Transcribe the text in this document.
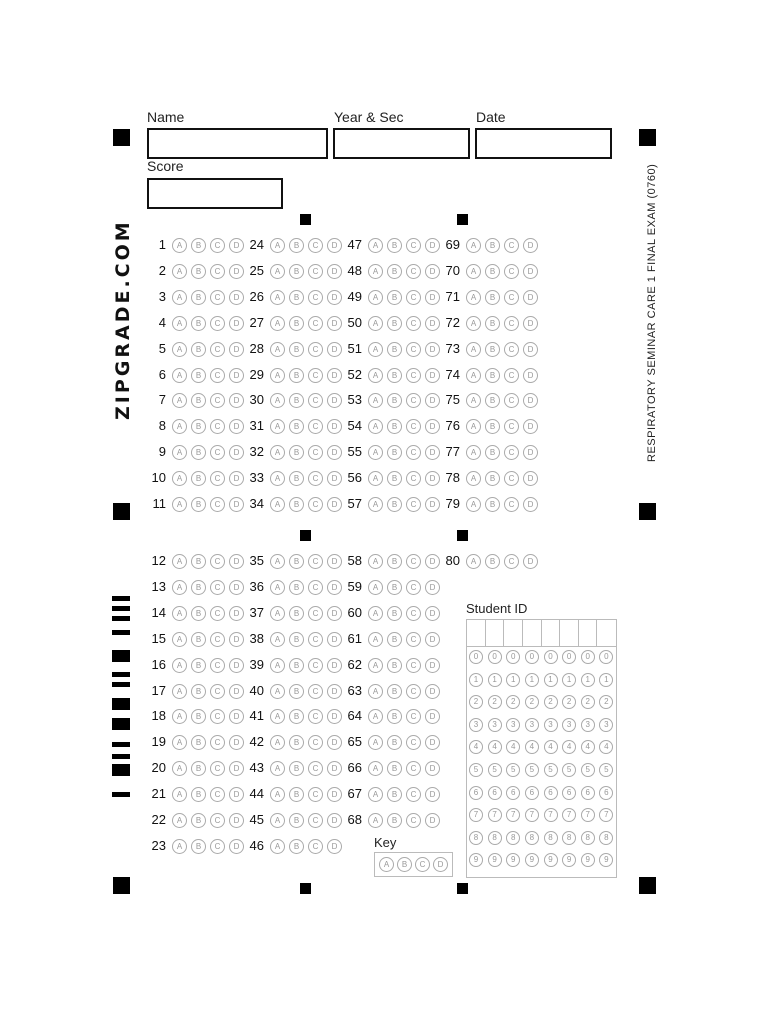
Name	Year & Sec	Date
Score
ZIPGRADE.COM	RESPIRATORY SEMINAR CARE 1 FINAL EXAM (0760)
1	A	B	C	D
2	A	B	C	D
3	A	B	C	D
4	A	B	C	D
5	A	B	C	D
6	A	B	C	D
7	A	B	C	D
8	A	B	C	D
9	A	B	C	D
10	A	B	C	D
11	A	B	C	D
24	A	B	C	D
25	A	B	C	D
26	A	B	C	D
27	A	B	C	D
28	A	B	C	D
29	A	B	C	D
30	A	B	C	D
31	A	B	C	D
32	A	B	C	D
33	A	B	C	D
34	A	B	C	D
47	A	B	C	D
48	A	B	C	D
49	A	B	C	D
50	A	B	C	D
51	A	B	C	D
52	A	B	C	D
53	A	B	C	D
54	A	B	C	D
55	A	B	C	D
56	A	B	C	D
57	A	B	C	D
69	A	B	C	D
70	A	B	C	D
71	A	B	C	D
72	A	B	C	D
73	A	B	C	D
74	A	B	C	D
75	A	B	C	D
76	A	B	C	D
77	A	B	C	D
78	A	B	C	D
79	A	B	C	D
12	A	B	C	D
13	A	B	C	D
14	A	B	C	D
15	A	B	C	D
16	A	B	C	D
17	A	B	C	D
18	A	B	C	D
19	A	B	C	D
20	A	B	C	D
21	A	B	C	D
22	A	B	C	D
23	A	B	C	D
35	A	B	C	D
36	A	B	C	D
37	A	B	C	D
38	A	B	C	D
39	A	B	C	D
40	A	B	C	D
41	A	B	C	D
42	A	B	C	D
43	A	B	C	D
44	A	B	C	D
45	A	B	C	D
46	A	B	C	D
58	A	B	C	D
59	A	B	C	D
60	A	B	C	D
61	A	B	C	D
62	A	B	C	D
63	A	B	C	D
64	A	B	C	D
65	A	B	C	D
66	A	B	C	D
67	A	B	C	D
68	A	B	C	D
80	A	B	C	D
Key
A	B	C	D
Student ID
0	0	0	0	0	0	0	0
1	1	1	1	1	1	1	1
2	2	2	2	2	2	2	2
3	3	3	3	3	3	3	3
4	4	4	4	4	4	4	4
5	5	5	5	5	5	5	5
6	6	6	6	6	6	6	6
7	7	7	7	7	7	7	7
8	8	8	8	8	8	8	8
9	9	9	9	9	9	9	9
